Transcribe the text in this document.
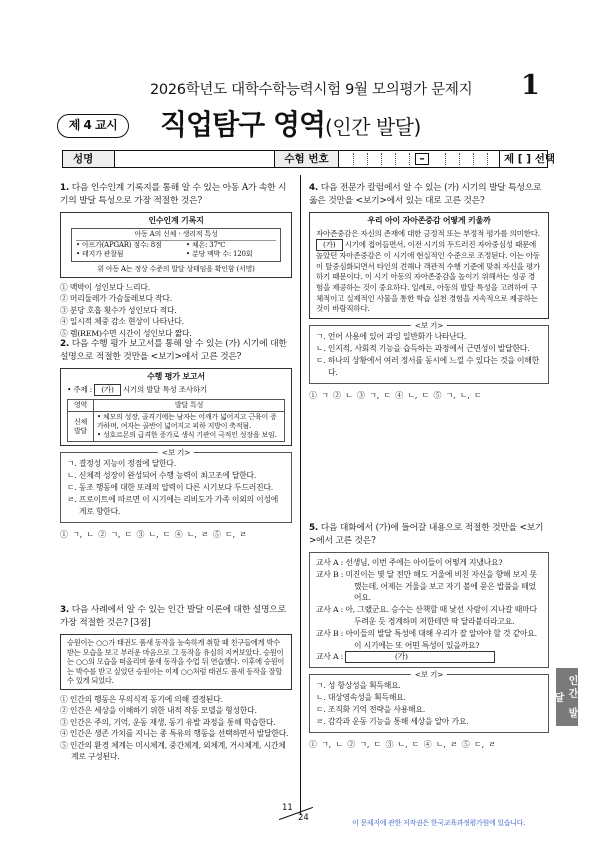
2026학년도 대학수학능력시험 9월 모의평가 문제지 1
제 4 교시	직업탐구 영역(인간 발달)
성명	수험 번호	–	제 [ ] 선택
1. 다음 인수인계 기록지를 통해 알 수 있는 아동 A가 속한 시기의 발달 특성으로 가장 적절한 것은?
인수인계 기록지
아동 A의 신체ㆍ생리적 특성
• 아프가(APGAR) 점수: 8점	• 체온: 37℃
• 태지가 관찰됨	• 분당 맥박 수: 120회
위 아동 A는 정상 수준의 발달 상태임을 확인함 (서명)
① 맥박이 성인보다 느리다.
② 머리둘레가 가슴둘레보다 작다.
③ 분당 호흡 횟수가 성인보다 적다.
④ 일시적 체중 감소 현상이 나타난다.
⑤ 렘(REM)수면 시간이 성인보다 짧다.
2. 다음 수행 평가 보고서를 통해 알 수 있는 (가) 시기에 대한 설명으로 적절한 것만을 <보기>에서 고른 것은?
수행 평가 보고서
• 주제 : (가) 시기의 발달 특성 조사하기
영역	발달 특성
신체 발달	• 체모의 성장, 골격기에는 남자는 어깨가 넓어지고 근육이 증가하며, 여자는 골반이 넓어지고 피하 지방이 축적됨.
• 성호르몬의 급격한 증가로 생식 기관이 극적인 성장을 보임.
<보 기>
ㄱ. 결정성 지능이 정점에 달한다.
ㄴ. 신체적 성장이 완성되어 수행 능력이 최고조에 달한다.
ㄷ. 동조 행동에 대한 또래의 압력이 다른 시기보다 두드러진다.
ㄹ. 프로이트에 따르면 이 시기에는 리비도가 가족 이외의 이성에게로 향한다.
① ㄱ, ㄴ ② ㄱ, ㄷ ③ ㄴ, ㄷ ④ ㄴ, ㄹ ⑤ ㄷ, ㄹ
3. 다음 사례에서 알 수 있는 인간 발달 이론에 대한 설명으로 가장 적절한 것은? [3점]
승원이는 ○○가 태권도 품새 동작을 능숙하게 취할 때 친구들에게 박수 받는 모습을 보고 부러운 마음으로 그 동작을 유심히 지켜보았다. 승원이는 ○○의 모습을 떠올리며 품새 동작을 수업 뒤 연습했다. 이후에 승원이는 박수를 받고 싶었던 승원이는 이제 ○○처럼 태권도 품새 동작을 잘할 수 있게 되었다.
① 인간의 행동은 무의식적 동기에 의해 결정된다.
② 인간은 세상을 이해하기 위한 내적 작동 모델을 형성한다.
③ 인간은 주의, 기억, 운동 재생, 동기 유발 과정을 통해 학습한다.
④ 인간은 생존 가치를 지니는 종 특유의 행동을 선택하면서 발달한다.
⑤ 인간의 환경 체계는 미시체계, 중간체계, 외체계, 거시체계, 시간체계로 구성된다.
4. 다음 전문가 칼럼에서 알 수 있는 (가) 시기의 발달 특성으로 옳은 것만을 <보기>에서 있는 대로 고른 것은?
우리 아이 자아존중감 어떻게 키울까
자아존중감은 자신의 존재에 대한 긍정적 또는 부정적 평가를 의미한다. (가) 시기에 접어들면서, 이전 시기의 두드러진 자아중심성 때문에 높았던 자아존중감은 이 시기에 현실적인 수준으로 조정된다. 이는 아동이 탈중심화되면서 타인의 견해나 객관적 수행 기준에 맞춰 자신을 평가하기 때문이다. 이 시기 아동의 자아존중감을 높이기 위해서는 성공 경험을 제공하는 것이 중요하다. 일례로, 아동의 발달 특성을 고려하여 구체적이고 실제적인 사물을 통한 학습 실천 경험을 지속적으로 제공하는 것이 바람직하다.
<보 기>
ㄱ. 언어 사용에 있어 과잉 일반화가 나타난다.
ㄴ. 인지적, 사회적 기능을 습득하는 과정에서 근면성이 발달한다.
ㄷ. 하나의 상황에서 여러 정서를 동시에 느낄 수 있다는 것을 이해한다.
① ㄱ ② ㄴ ③ ㄱ, ㄷ ④ ㄴ, ㄷ ⑤ ㄱ, ㄴ, ㄷ
5. 다음 대화에서 (가)에 들어갈 내용으로 적절한 것만을 <보기>에서 고른 것은?
교사 A : 선생님, 이번 주에는 아이들이 어떻게 지냈나요?
교사 B : 미진이는 몇 달 전만 해도 거울에 비친 자신을 향해 보지 못했는데, 어제는 거울을 보고 자기 볼에 묻은 밥풀을 떼었어요.
교사 A : 아, 그랬군요. 승수는 산책할 때 낯선 사람이 지나갈 때마다 두려운 듯 경계하며 저한테만 딱 달라붙더라고요.
교사 B : 아이들의 발달 특성에 대해 우리가 잘 알아야 할 것 같아요. 이 시기에는 또 어떤 특성이 있을까요?
교사 A :	(가)
<보 기>
ㄱ. 성 항상성을 획득해요.
ㄴ. 대상영속성을 획득해요.
ㄷ. 조직화 기억 전략을 사용해요.
ㄹ. 감각과 운동 기능을 통해 세상을 알아 가요.
① ㄱ, ㄴ ② ㄱ, ㄷ ③ ㄴ, ㄷ ④ ㄴ, ㄹ ⑤ ㄷ, ㄹ
11
24	이 문제지에 관한 저작권은 한국교육과정평가원에 있습니다.
인간 발달
